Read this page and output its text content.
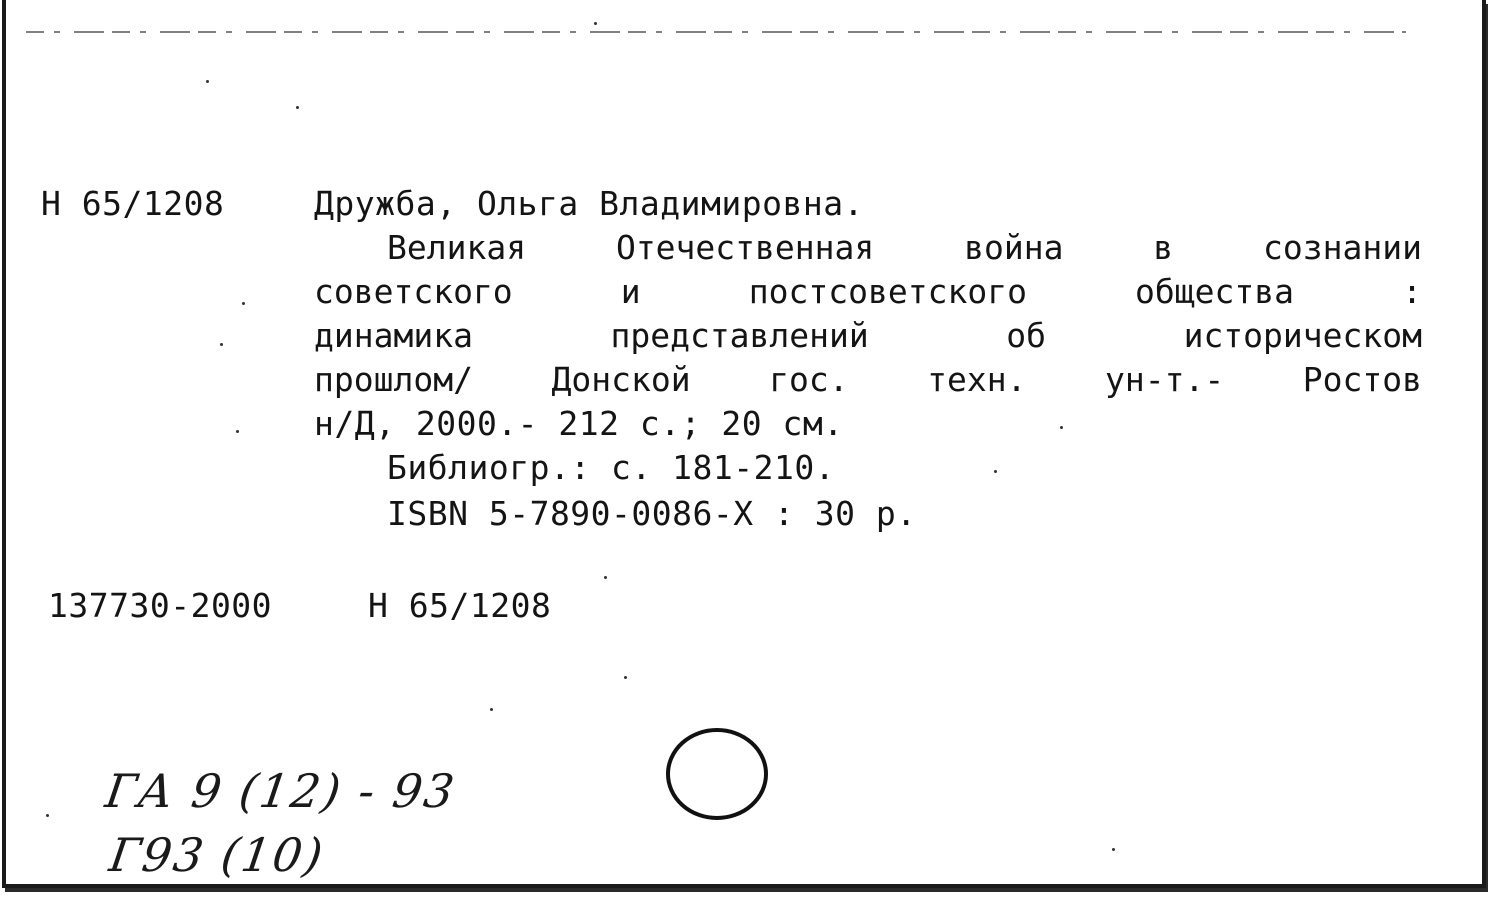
Н 65/1208	Дружба, Ольга Владимировна.
Великая Отечественная война в сознании
советского и постсоветского общества :
динамика представлений об историческом
прошлом/ Донской гос. техн. ун-т.- Ростов
н/Д, 2000.- 212 с.; 20 см.
Библиогр.: с. 181-210.
ISBN 5-7890-0086-X : 30 р.
137730-2000	Н 65/1208
ГА 9 (12) - 93
Г93 (10)
